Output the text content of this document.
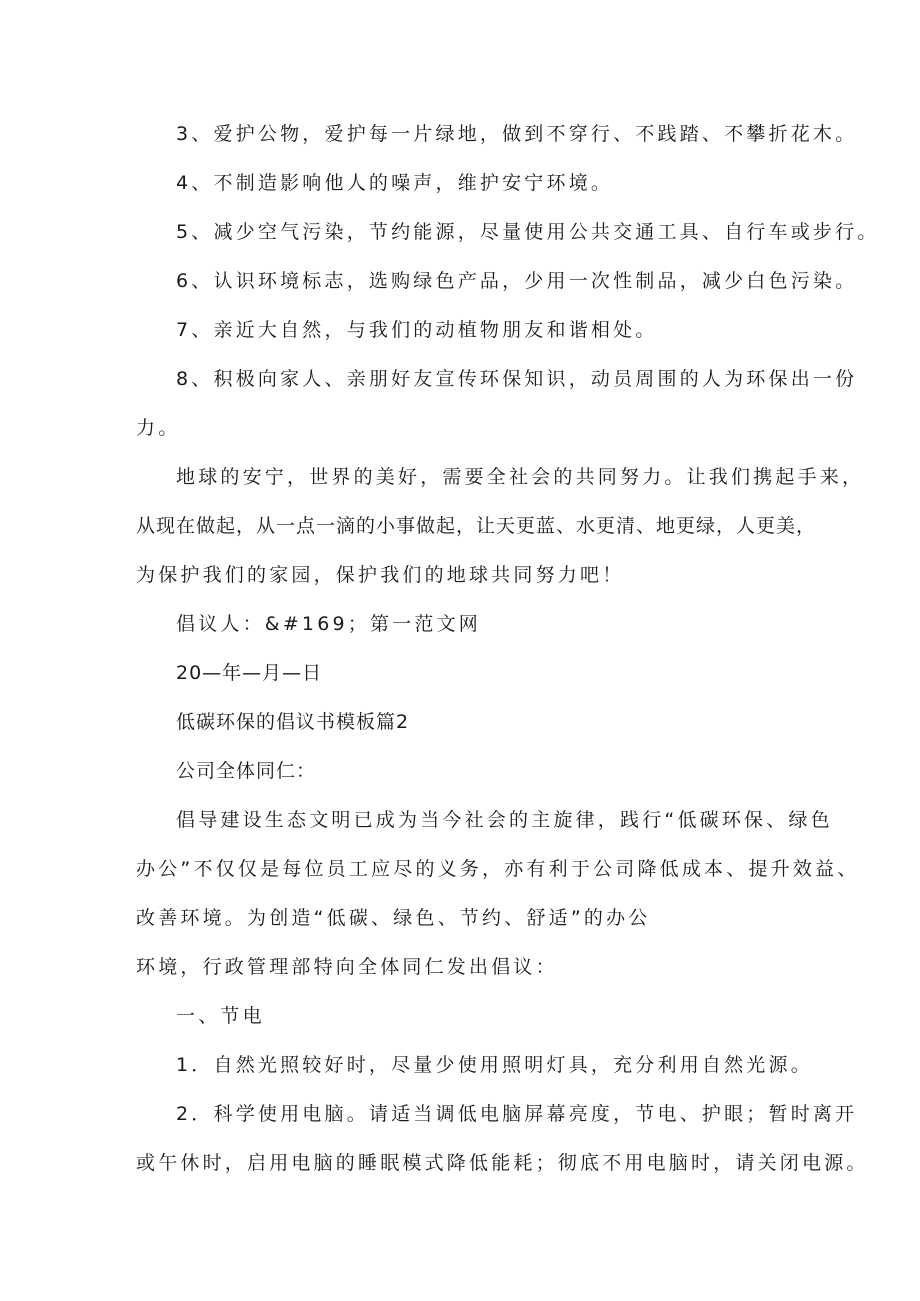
3、爱护公物，爱护每一片绿地，做到不穿行、不践踏、不攀折花木。
4、不制造影响他人的噪声，维护安宁环境。
5、减少空气污染，节约能源，尽量使用公共交通工具、自行车或步行。
6、认识环境标志，选购绿色产品，少用一次性制品，减少白色污染。
7、亲近大自然，与我们的动植物朋友和谐相处。
8、积极向家人、亲朋好友宣传环保知识，动员周围的人为环保出一份
力。
地球的安宁，世界的美好，需要全社会的共同努力。让我们携起手来，
从现在做起，从一点一滴的小事做起，让天更蓝、水更清、地更绿，人更美，
为保护我们的家园，保护我们的地球共同努力吧！
倡议人：&#169；第一范文网
20—年—月—日
低碳环保的倡议书模板篇2
公司全体同仁：
倡导建设生态文明已成为当今社会的主旋律，践行“低碳环保、绿色
办公”不仅仅是每位员工应尽的义务，亦有利于公司降低成本、提升效益、
改善环境。为创造“低碳、绿色、节约、舒适”的办公
环境，行政管理部特向全体同仁发出倡议：
一、节电
1．自然光照较好时，尽量少使用照明灯具，充分利用自然光源。
2．科学使用电脑。请适当调低电脑屏幕亮度，节电、护眼；暂时离开
或午休时，启用电脑的睡眠模式降低能耗；彻底不用电脑时，请关闭电源。
